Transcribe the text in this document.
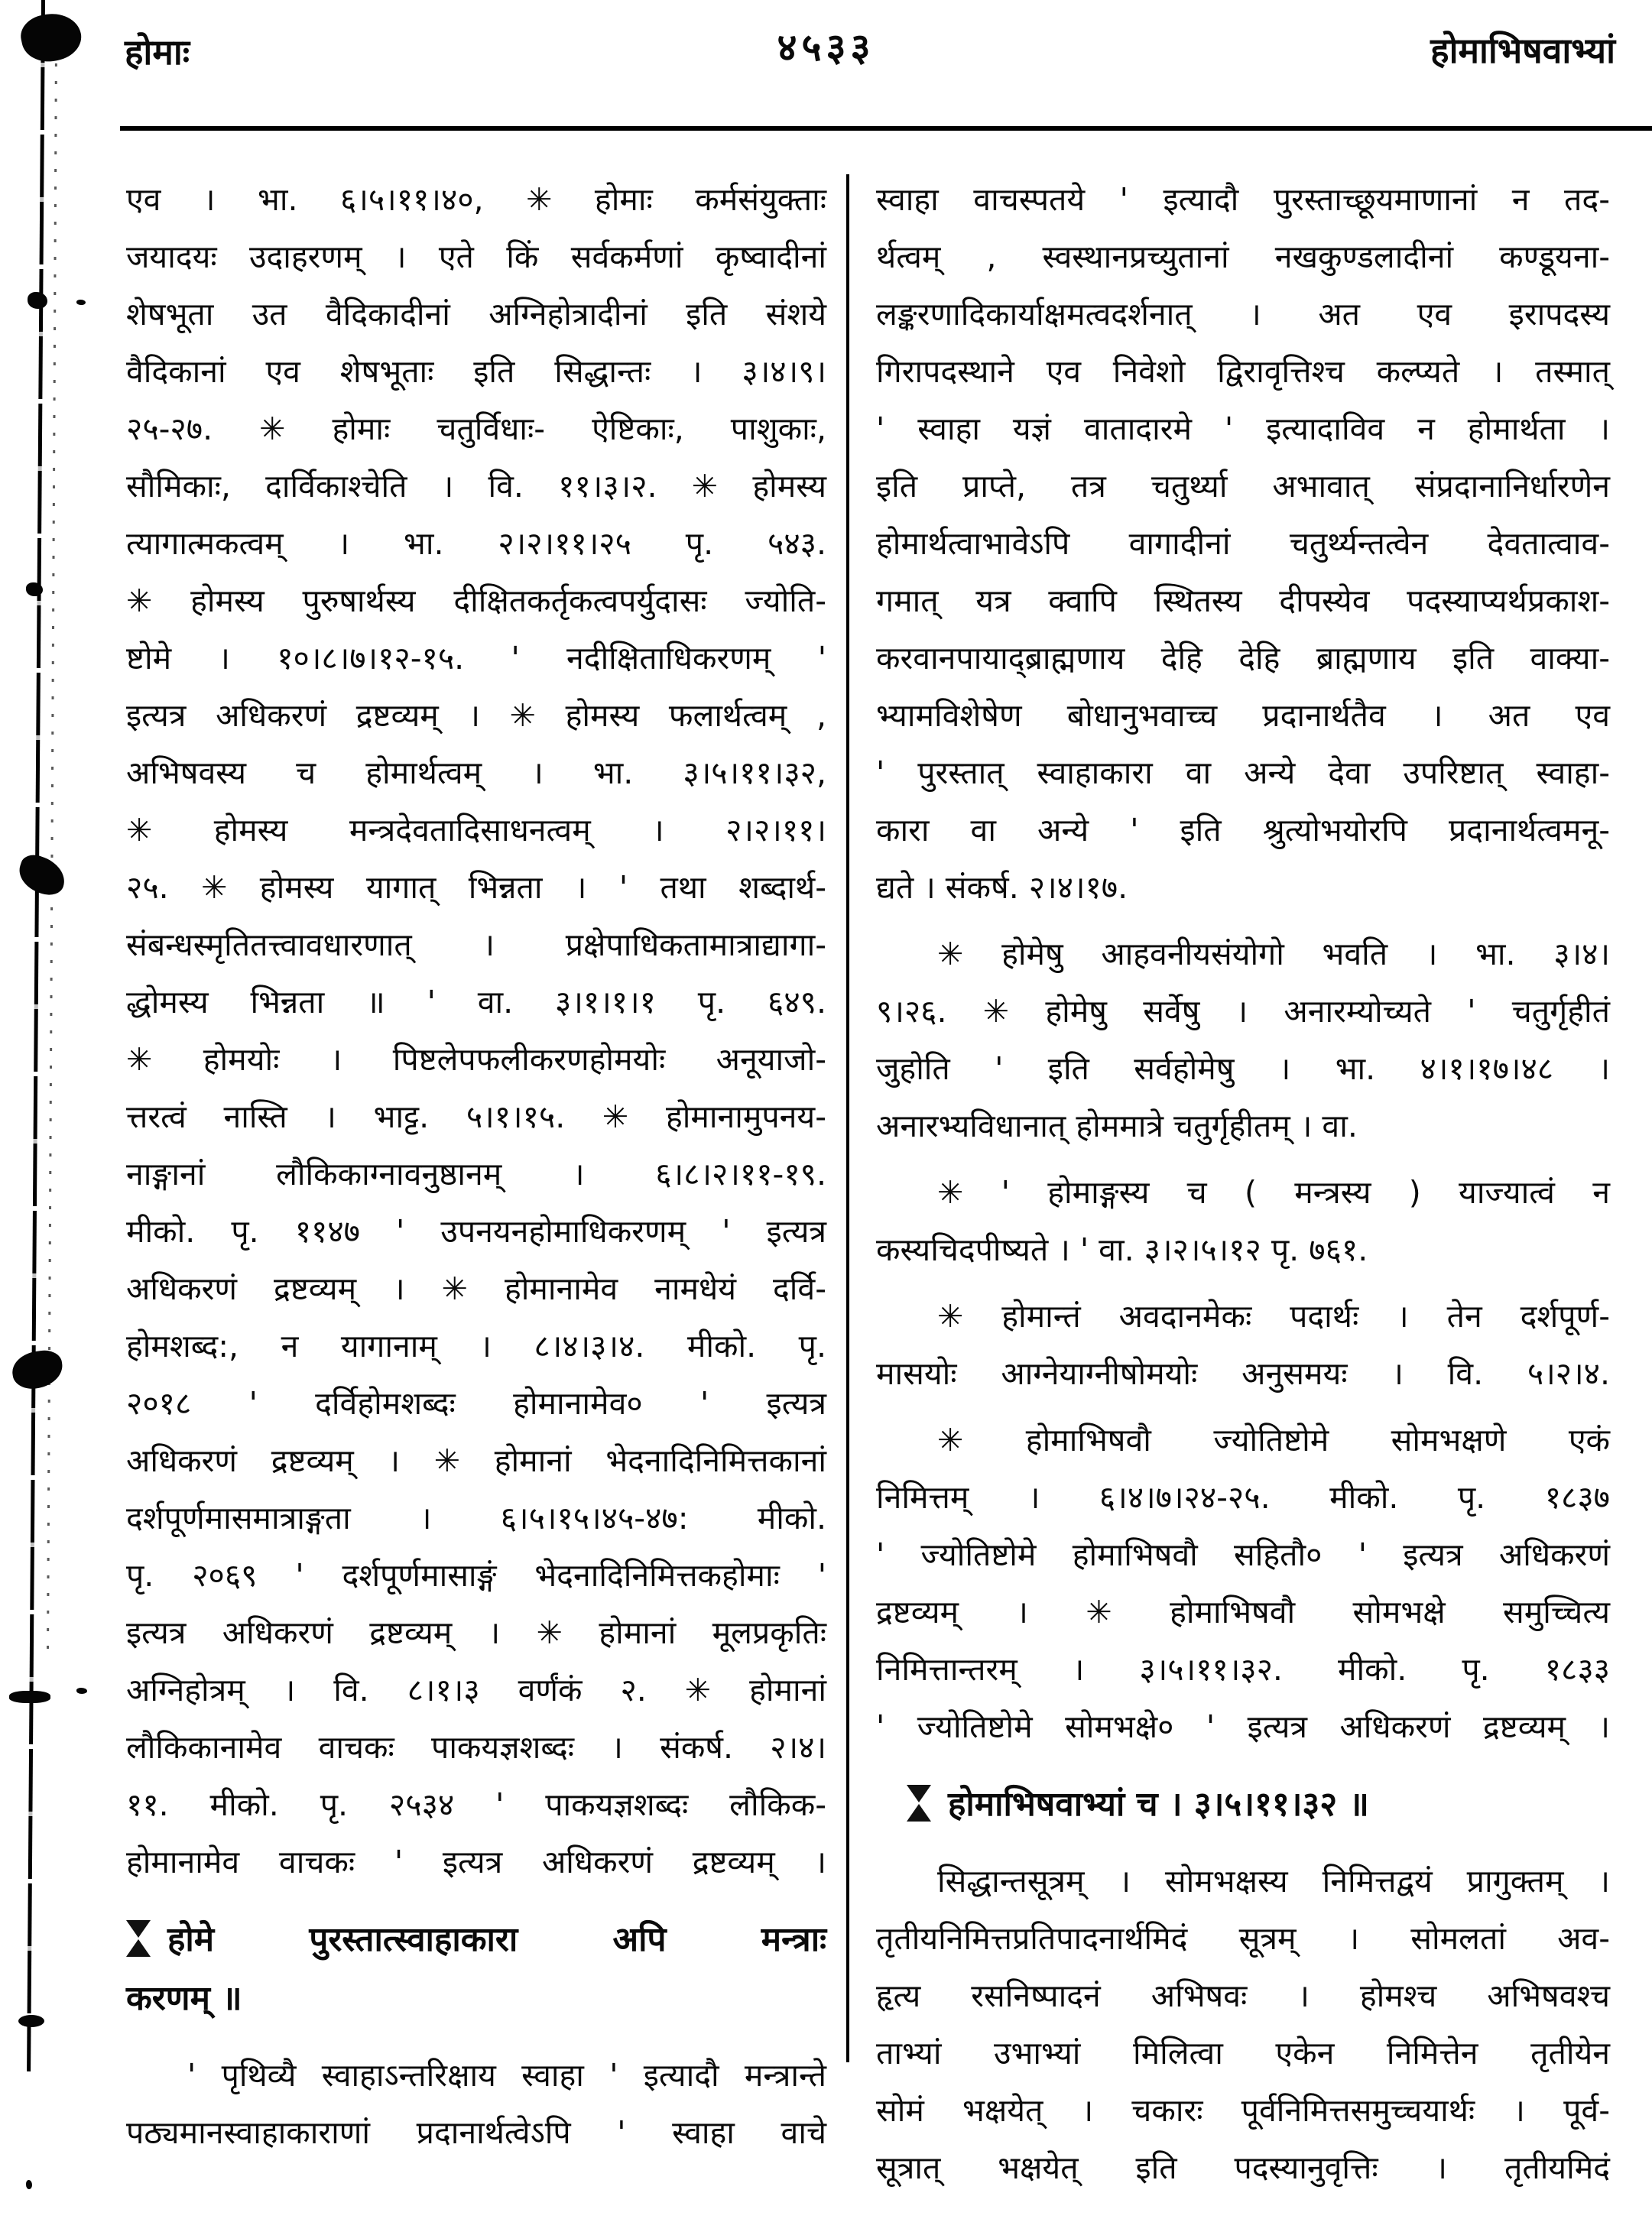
होमाः	४५३३	होमाभिषवाभ्यां
एव । भा. ६।५।११।४०, ✳ होमाः कर्मसंयुक्ताः
जयादयः उदाहरणम् । एते किं सर्वकर्मणां कृष्वादीनां
शेषभूता उत वैदिकादीनां अग्निहोत्रादीनां इति संशये
वैदिकानां एव शेषभूताः इति सिद्धान्तः । ३।४।९।
२५-२७. ✳ होमाः चतुर्विधाः- ऐष्टिकाः, पाशुकाः,
सौमिकाः, दार्विकाश्चेति । वि. ११।३।२. ✳ होमस्य
त्यागात्मकत्वम् । भा. २।२।११।२५ पृ. ५४३.
✳ होमस्य पुरुषार्थस्य दीक्षितकर्तृकत्वपर्युदासः ज्योति-
ष्टोमे । १०।८।७।१२-१५. ' नदीक्षिताधिकरणम् '
इत्यत्र अधिकरणं द्रष्टव्यम् । ✳ होमस्य फलार्थत्वम् ,
अभिषवस्य च होमार्थत्वम् । भा. ३।५।११।३२,
✳ होमस्य मन्त्रदेवतादिसाधनत्वम् । २।२।११।
२५. ✳ होमस्य यागात् भिन्नता । ' तथा शब्दार्थ-
संबन्धस्मृतितत्त्वावधारणात् । प्रक्षेपाधिकतामात्राद्यागा-
द्धोमस्य भिन्नता ॥ ' वा. ३।१।१।१ पृ. ६४९.
✳ होमयोः । पिष्टलेपफलीकरणहोमयोः अनूयाजो-
त्तरत्वं नास्ति । भाट्ट. ५।१।१५. ✳ होमानामुपनय-
नाङ्गानां लौकिकाग्नावनुष्ठानम् । ६।८।२।११-१९.
मीको. पृ. ११४७ ' उपनयनहोमाधिकरणम् ' इत्यत्र
अधिकरणं द्रष्टव्यम् । ✳ होमानामेव नामधेयं दर्वि-
होमशब्द:, न यागानाम् । ८।४।३।४. मीको. पृ.
२०१८ ' दर्विहोमशब्दः होमानामेव० ' इत्यत्र
अधिकरणं द्रष्टव्यम् । ✳ होमानां भेदनादिनिमित्तकानां
दर्शपूर्णमासमात्राङ्गता । ६।५।१५।४५-४७: मीको.
पृ. २०६९ ' दर्शपूर्णमासाङ्गं भेदनादिनिमित्तकहोमाः '
इत्यत्र अधिकरणं द्रष्टव्यम् । ✳ होमानां मूलप्रकृतिः
अग्निहोत्रम् । वि. ८।१।३ वर्णंकं २. ✳ होमानां
लौकिकानामेव वाचकः पाकयज्ञशब्दः । संकर्ष. २।४।
११. मीको. पृ. २५३४ ' पाकयज्ञशब्दः लौकिक-
होमानामेव वाचकः ' इत्यत्र अधिकरणं द्रष्टव्यम् ।
होमे पुरस्तात्स्वाहाकारा अपि मन्त्राः
करणम् ॥
' पृथिव्यै स्वाहाऽन्तरिक्षाय स्वाहा ' इत्यादौ मन्त्रान्ते
पठ्यमानस्वाहाकाराणां प्रदानार्थत्वेऽपि ' स्वाहा वाचे
स्वाहा वाचस्पतये ' इत्यादौ पुरस्ताच्छूयमाणानां न तद-
र्थत्वम् , स्वस्थानप्रच्युतानां नखकुण्डलादीनां कण्डूयना-
लङ्करणादिकार्याक्षमत्वदर्शनात् । अत एव इरापदस्य
गिरापदस्थाने एव निवेशो द्विरावृत्तिश्च कल्प्यते । तस्मात्
' स्वाहा यज्ञं वातादारमे ' इत्यादाविव न होमार्थता ।
इति प्राप्ते, तत्र चतुर्थ्या अभावात् संप्रदानानिर्धारणेन
होमार्थत्वाभावेऽपि वागादीनां चतुर्थ्यन्तत्वेन देवतात्वाव-
गमात् यत्र क्वापि स्थितस्य दीपस्येव पदस्याप्यर्थप्रकाश-
करवानपायाद्ब्राह्मणाय देहि देहि ब्राह्मणाय इति वाक्या-
भ्यामविशेषेण बोधानुभवाच्च प्रदानार्थतैव । अत एव
' पुरस्तात् स्वाहाकारा वा अन्ये देवा उपरिष्टात् स्वाहा-
कारा वा अन्ये ' इति श्रुत्योभयोरपि प्रदानार्थत्वमनू-
द्यते । संकर्ष. २।४।१७.
✳ होमेषु आहवनीयसंयोगो भवति । भा. ३।४।
९।२६. ✳ होमेषु सर्वेषु । अनारम्योच्यते ' चतुर्गृहीतं
जुहोति ' इति सर्वहोमेषु । भा. ४।१।१७।४८ ।
अनारभ्यविधानात् होममात्रे चतुर्गृहीतम् । वा.
✳ ' होमाङ्गस्य च ( मन्त्रस्य ) याज्यात्वं न
कस्यचिदपीष्यते । ' वा. ३।२।५।१२ पृ. ७६१.
✳ होमान्तं अवदानमेकः पदार्थः । तेन दर्शपूर्ण-
मासयोः आग्नेयाग्नीषोमयोः अनुसमयः । वि. ५।२।४.
✳ होमाभिषवौ ज्योतिष्टोमे सोमभक्षणे एकं
निमित्तम् । ६।४।७।२४-२५. मीको. पृ. १८३७
' ज्योतिष्टोमे होमाभिषवौ सहितौ० ' इत्यत्र अधिकरणं
द्रष्टव्यम् । ✳ होमाभिषवौ सोमभक्षे समुच्चित्य
निमित्तान्तरम् । ३।५।११।३२. मीको. पृ. १८३३
' ज्योतिष्टोमे सोमभक्षे० ' इत्यत्र अधिकरणं द्रष्टव्यम् ।
होमाभिषवाभ्यां च । ३।५।११।३२ ॥
सिद्धान्तसूत्रम् । सोमभक्षस्य निमित्तद्वयं प्रागुक्तम् ।
तृतीयनिमित्तप्रतिपादनार्थमिदं सूत्रम् । सोमलतां अव-
हृत्य रसनिष्पादनं अभिषवः । होमश्च अभिषवश्च
ताभ्यां उभाभ्यां मिलित्वा एकेन निमित्तेन तृतीयेन
सोमं भक्षयेत् । चकारः पूर्वनिमित्तसमुच्चयार्थः । पूर्व-
सूत्रात् भक्षयेत् इति पदस्यानुवृत्तिः । तृतीयमिदं
